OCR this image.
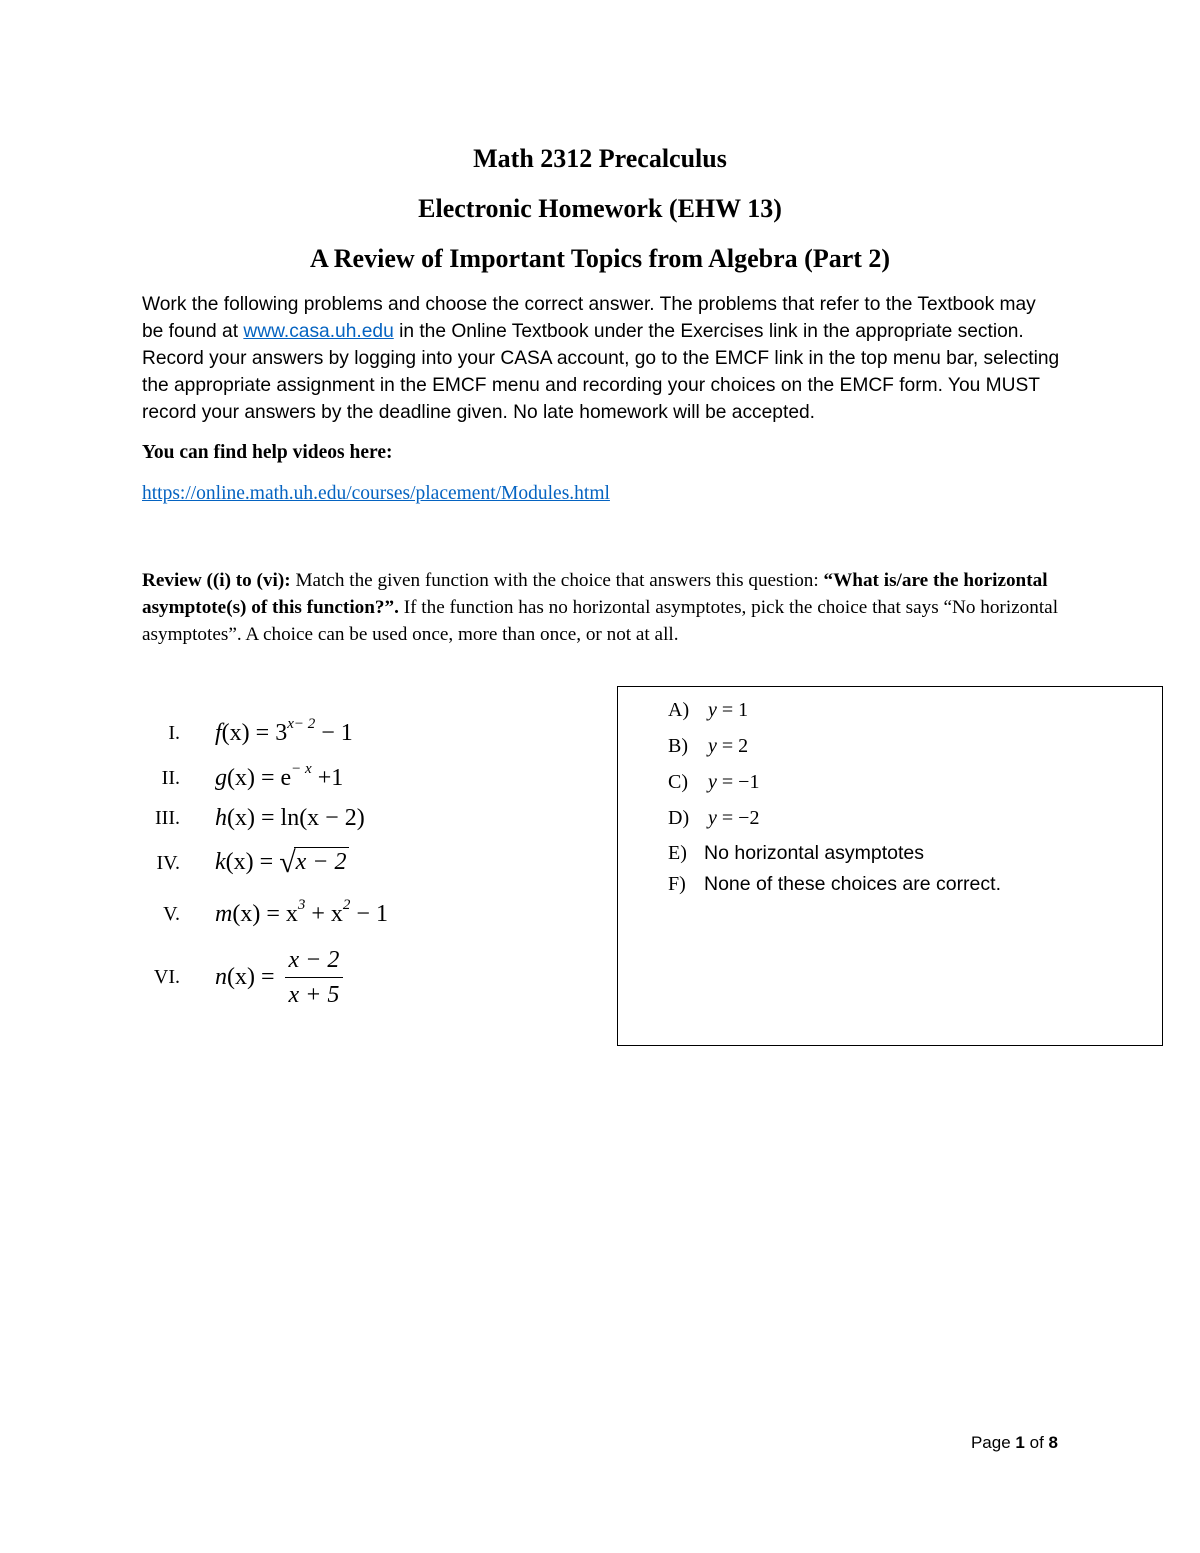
Math 2312 Precalculus

Electronic Homework (EHW 13)

A Review of Important Topics from Algebra (Part 2)

Work the following problems and choose the correct answer. The problems that refer to the Textbook may be found at www.casa.uh.edu in the Online Textbook under the Exercises link in the appropriate section. Record your answers by logging into your CASA account, go to the EMCF link in the top menu bar, selecting the appropriate assignment in the EMCF menu and recording your choices on the EMCF form. You MUST record your answers by the deadline given. No late homework will be accepted.

You can find help videos here:

https://online.math.uh.edu/courses/placement/Modules.html

Review ((i) to (vi): Match the given function with the choice that answers this question: “What is/are the horizontal asymptote(s) of this function?”. If the function has no horizontal asymptotes, pick the choice that says “No horizontal asymptotes”. A choice can be used once, more than once, or not at all.

I. $f(x) = 3^{x- 2} - 1$
II. $g(x) = e^{- x} +1$
III. h(x) = ln(x − 2)
IV. k(x) = √x − 2
V. $m(x) = x^3 + x^2 - 1$
VI. n $(x) = \frac{x - 2}{x + 5}$
A) y = 1
B)	y = 2
C)	y = −1
D) y = −2
E) No horizontal asymptotes
F) None of these choices are correct.
Page 1 of 8
